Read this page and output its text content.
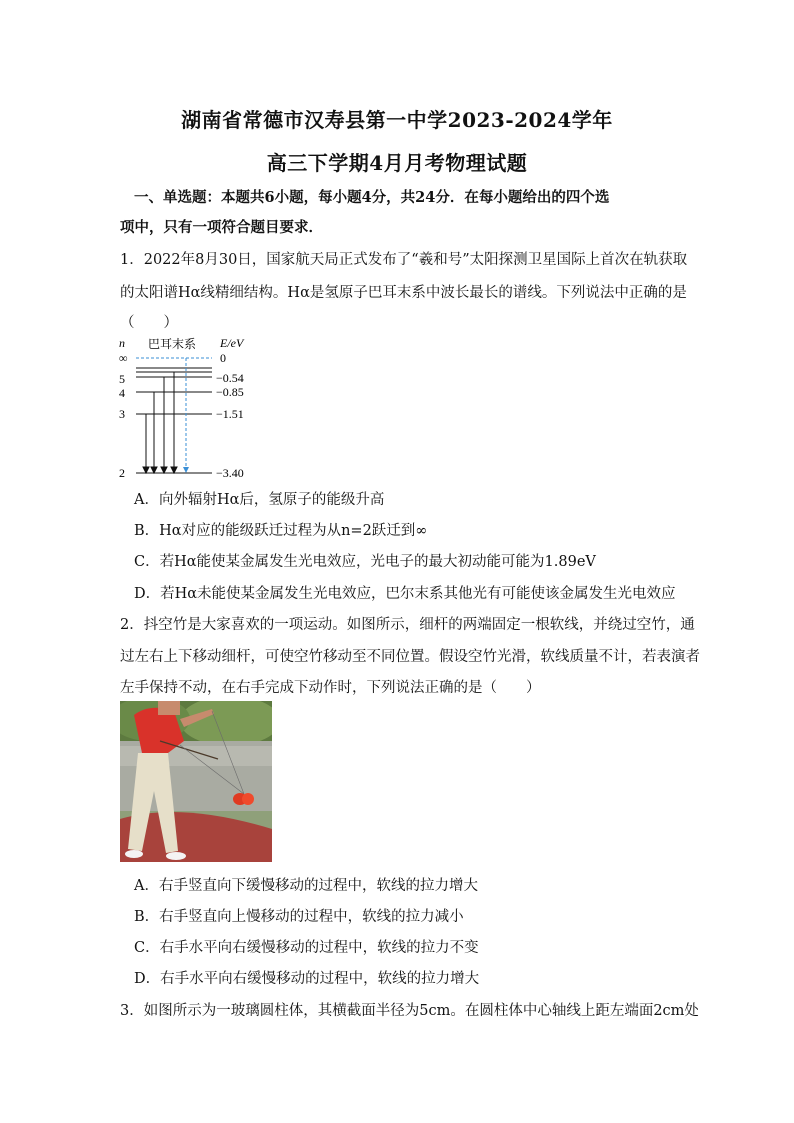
湖南省常德市汉寿县第一中学2023-2024学年
高三下学期4月月考物理试题
一、单选题：本题共6小题，每小题4分，共24分．在每小题给出的四个选
项中，只有一项符合题目要求．
1．2022年8月30日，国家航天局正式发布了“羲和号”太阳探测卫星国际上首次在轨获取
的太阳谱Hα线精细结构。Hα是氢原子巴耳末系中波长最长的谱线。下列说法中正确的是
（　　）
n 巴耳末系 E/eV
∞
5
4
3
2
0
−0.54
−0.85
−1.51
−3.40
A．向外辐射Hα后，氢原子的能级升高
B．Hα对应的能级跃迁过程为从n=2跃迁到∞
C．若Hα能使某金属发生光电效应，光电子的最大初动能可能为1.89eV
D．若Hα未能使某金属发生光电效应，巴尔末系其他光有可能使该金属发生光电效应
2．抖空竹是大家喜欢的一项运动。如图所示，细杆的两端固定一根软线，并绕过空竹，通
过左右上下移动细杆，可使空竹移动至不同位置。假设空竹光滑，软线质量不计，若表演者
左手保持不动，在右手完成下动作时，下列说法正确的是（　　）
A．右手竖直向下缓慢移动的过程中，软线的拉力增大
B．右手竖直向上慢移动的过程中，软线的拉力减小
C．右手水平向右缓慢移动的过程中，软线的拉力不变
D．右手水平向右缓慢移动的过程中，软线的拉力增大
3．如图所示为一玻璃圆柱体，其横截面半径为5cm。在圆柱体中心轴线上距左端面2cm处
